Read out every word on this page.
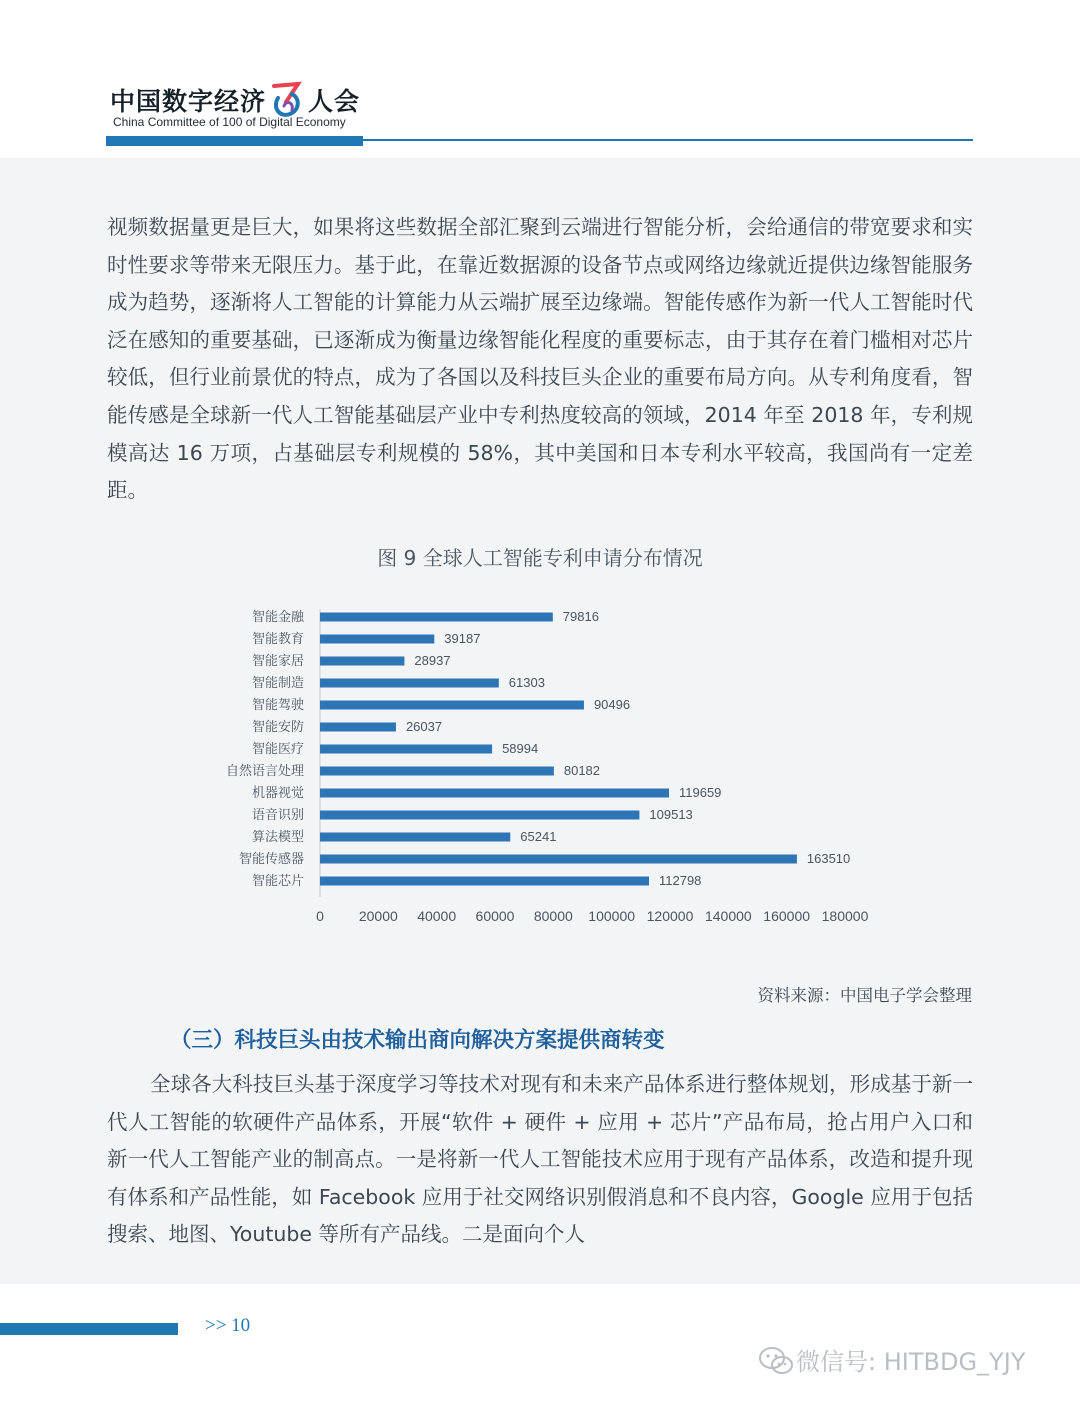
中国数字经济 人会
China Committee of 100 of Digital Economy

视频数据量更是巨大，如果将这些数据全部汇聚到云端进行智能分析，会给通信的带宽要求和实时性要求等带来无限压力。基于此，在靠近数据源的设备节点或网络边缘就近提供边缘智能服务成为趋势，逐渐将人工智能的计算能力从云端扩展至边缘端。智能传感作为新一代人工智能时代泛在感知的重要基础，已逐渐成为衡量边缘智能化程度的重要标志，由于其存在着门槛相对芯片较低，但行业前景优的特点，成为了各国以及科技巨头企业的重要布局方向。从专利角度看，智能传感是全球新一代人工智能基础层产业中专利热度较高的领域，2014 年至 2018 年，专利规模高达 16 万项，占基础层专利规模的 58%，其中美国和日本专利水平较高，我国尚有一定差距。

图 9 全球人工智能专利申请分布情况
智能金融	79816
智能教育	39187
智能家居	28937
智能制造	61303
智能驾驶	90496
智能安防	26037
智能医疗	58994
自然语言处理	80182
机器视觉	119659
语音识别	109513
算法模型	65241
智能传感器	163510
智能芯片	112798
0 20000 40000 60000 80000 100000 120000 140000 160000 180000
资料来源：中国电子学会整理
（三）科技巨头由技术输出商向解决方案提供商转变

全球各大科技巨头基于深度学习等技术对现有和未来产品体系进行整体规划，形成基于新一代人工智能的软硬件产品体系，开展“软件 + 硬件 + 应用 + 芯片”产品布局，抢占用户入口和新一代人工智能产业的制高点。一是将新一代人工智能技术应用于现有产品体系，改造和提升现有体系和产品性能，如 Facebook 应用于社交网络识别假消息和不良内容，Google 应用于包括搜索、地图、Youtube 等所有产品线。二是面向个人

>> 10
微信号: HITBDG_YJY
